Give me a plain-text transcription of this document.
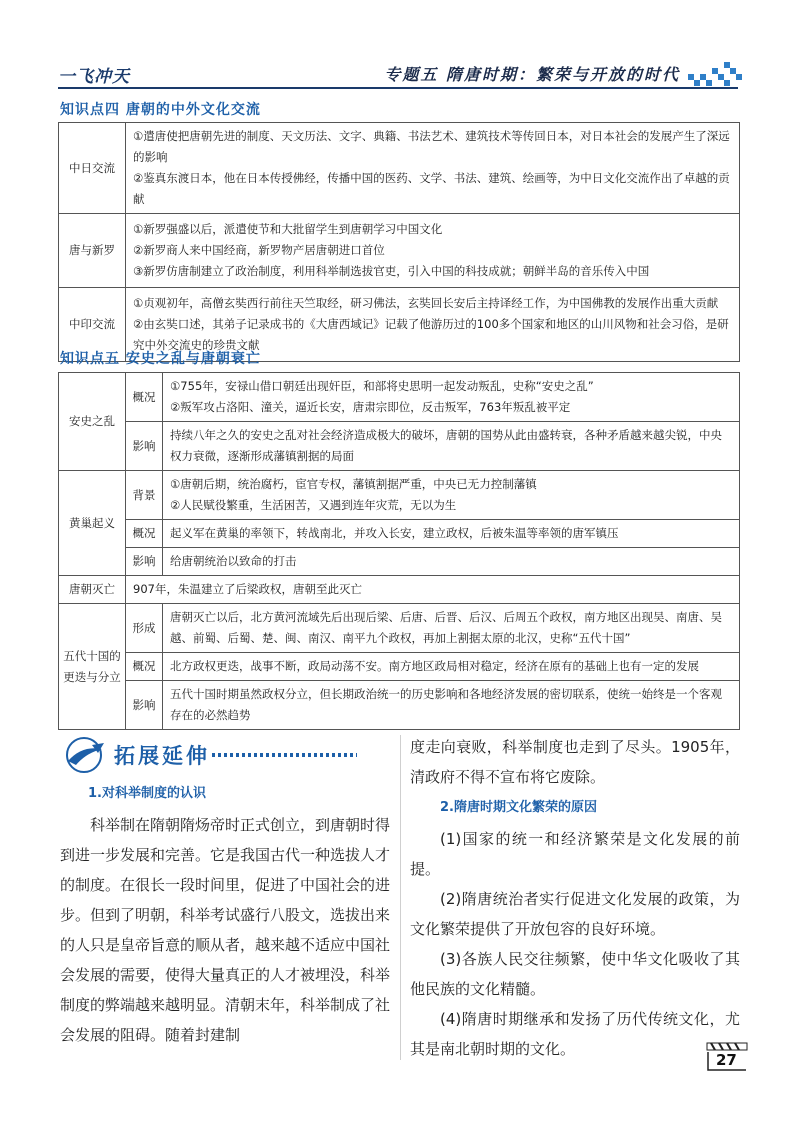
一飞冲天	专题五 隋唐时期：繁荣与开放的时代
知识点四 唐朝的中外文化交流
中日交流	①遣唐使把唐朝先进的制度、天文历法、文字、典籍、书法艺术、建筑技术等传回日本，对日本社会的发展产生了深远的影响
②鉴真东渡日本，他在日本传授佛经，传播中国的医药、文学、书法、建筑、绘画等，为中日文化交流作出了卓越的贡献

唐与新罗	①新罗强盛以后，派遣使节和大批留学生到唐朝学习中国文化
②新罗商人来中国经商，新罗物产居唐朝进口首位
③新罗仿唐制建立了政治制度，利用科举制选拔官吏，引入中国的科技成就；朝鲜半岛的音乐传入中国

中印交流	①贞观初年，高僧玄奘西行前往天竺取经，研习佛法，玄奘回长安后主持译经工作，为中国佛教的发展作出重大贡献
②由玄奘口述，其弟子记录成书的《大唐西域记》记载了他游历过的100多个国家和地区的山川风物和社会习俗，是研究中外交流史的珍贵文献
知识点五 安史之乱与唐朝衰亡
安史之乱	概况	①755年，安禄山借口朝廷出现奸臣，和部将史思明一起发动叛乱，史称“安史之乱”
②叛军攻占洛阳、潼关，逼近长安，唐肃宗即位，反击叛军，763年叛乱被平定

	影响	持续八年之久的安史之乱对社会经济造成极大的破坏，唐朝的国势从此由盛转衰，各种矛盾越来越尖锐，中央权力衰微，逐渐形成藩镇割据的局面
黄巢起义	背景	①唐朝后期，统治腐朽，宦官专权，藩镇割据严重，中央已无力控制藩镇
②人民赋役繁重，生活困苦，又遇到连年灾荒，无以为生

	概况	起义军在黄巢的率领下，转战南北，并攻入长安，建立政权，后被朱温等率领的唐军镇压
	影响	给唐朝统治以致命的打击
唐朝灭亡	907年，朱温建立了后梁政权，唐朝至此灭亡	
五代十国的更迭与分立	形成	唐朝灭亡以后，北方黄河流域先后出现后梁、后唐、后晋、后汉、后周五个政权，南方地区出现吴、南唐、吴越、前蜀、后蜀、楚、闽、南汉、南平九个政权，再加上割据太原的北汉，史称“五代十国”
	概况	北方政权更迭，战事不断，政局动荡不安。南方地区政局相对稳定，经济在原有的基础上也有一定的发展
	影响	五代十国时期虽然政权分立，但长期政治统一的历史影响和各地经济发展的密切联系，使统一始终是一个客观存在的必然趋势
拓展延伸
1.对科举制度的认识

科举制在隋朝隋炀帝时正式创立，到唐朝时得到进一步发展和完善。它是我国古代一种选拔人才的制度。在很长一段时间里，促进了中国社会的进步。但到了明朝，科举考试盛行八股文，选拔出来的人只是皇帝旨意的顺从者，越来越不适应中国社会发展的需要，使得大量真正的人才被埋没，科举制度的弊端越来越明显。清朝末年，科举制成了社会发展的阻碍。随着封建制

度走向衰败，科举制度也走到了尽头。1905年，清政府不得不宣布将它废除。

2.隋唐时期文化繁荣的原因

(1)国家的统一和经济繁荣是文化发展的前提。

(2)隋唐统治者实行促进文化发展的政策，为文化繁荣提供了开放包容的良好环境。

(3)各族人民交往频繁，使中华文化吸收了其他民族的文化精髓。

(4)隋唐时期继承和发扬了历代传统文化，尤其是南北朝时期的文化。

27
